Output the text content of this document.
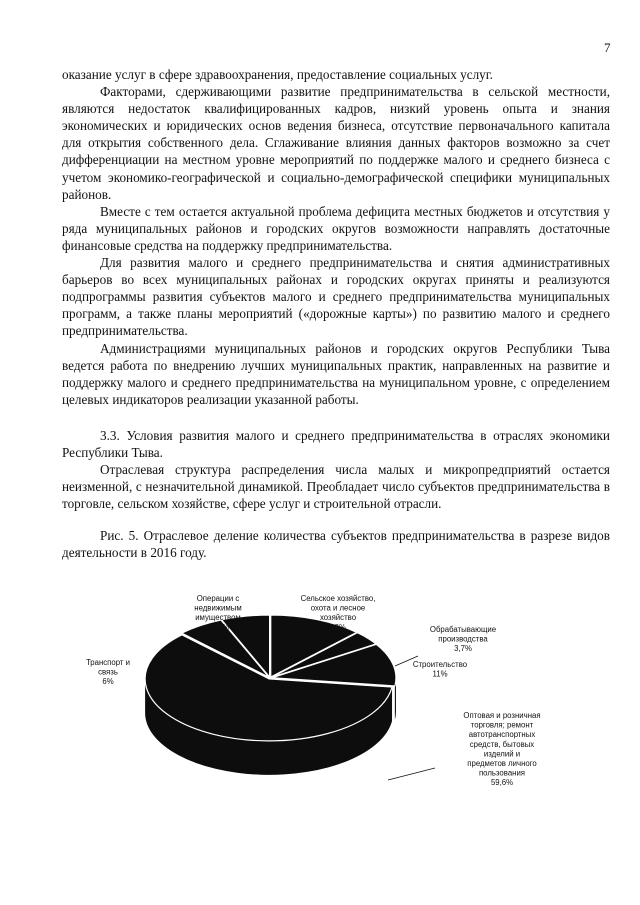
7

оказание услуг в сфере здравоохранения, предоставление социальных услуг.

Факторами, сдерживающими развитие предпринимательства в сельской местности, являются недостаток квалифицированных кадров, низкий уровень опыта и знания экономических и юридических основ ведения бизнеса, отсутствие первоначального капитала для открытия собственного дела. Сглаживание влияния данных факторов возможно за счет дифференциации на местном уровне мероприятий по поддержке малого и среднего бизнеса с учетом экономико-географической и социально-демографической специфики муниципальных районов.

Вместе с тем остается актуальной проблема дефицита местных бюджетов и отсутствия у ряда муниципальных районов и городских округов возможности направлять достаточные финансовые средства на поддержку предпринимательства.

Для развития малого и среднего предпринимательства и снятия административных барьеров во всех муниципальных районах и городских округах приняты и реализуются подпрограммы развития субъектов малого и среднего предпринимательства муниципальных программ, а также планы мероприятий («дорожные карты») по развитию малого и среднего предпринимательства.

Администрациями муниципальных районов и городских округов Республики Тыва ведется работа по внедрению лучших муниципальных практик, направленных на развитие и поддержку малого и среднего предпринимательства на муниципальном уровне, с определением целевых индикаторов реализации указанной работы.

3.3. Условия развития малого и среднего предпринимательства в отраслях экономики Республики Тыва.

Отраслевая структура распределения числа малых и микропредприятий остается неизменной, с незначительной динамикой. Преобладает число субъектов предпринимательства в торговле, сельском хозяйстве, сфере услуг и строительной отрасли.

Рис. 5. Отраслевое деление количества субъектов предпринимательства в разрезе видов деятельности в 2016 году.

Сельское хозяйство, охота и лесное хозяйство 12%	Обрабатывающие производства 3,7%
Строительство 11%
Оптовая и розничная торговля; ремонт автотранспортных средств, бытовых изделий и предметов личного пользования 59,6%
Транспорт и связь 6%
Операции с недвижимым имуществом 6,23%
